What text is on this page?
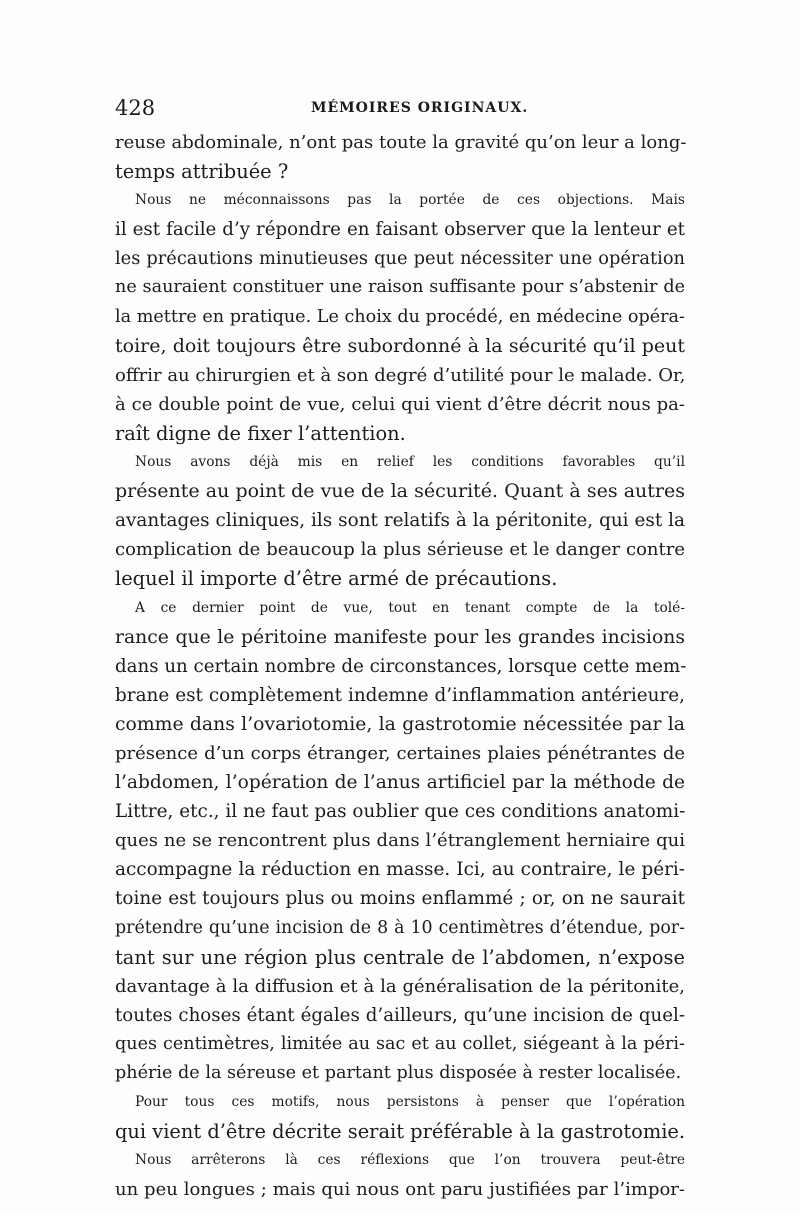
428	MÉMOIRES ORIGINAUX.
reuse abdominale, n’ont pas toute la gravité qu’on leur a long-
temps attribuée ?
Nous ne méconnaissons pas la portée de ces objections. Mais
il est facile d’y répondre en faisant observer que la lenteur et
les précautions minutieuses que peut nécessiter une opération
ne sauraient constituer une raison suffisante pour s’abstenir de
la mettre en pratique. Le choix du procédé, en médecine opéra-
toire, doit toujours être subordonné à la sécurité qu’il peut
offrir au chirurgien et à son degré d’utilité pour le malade. Or,
à ce double point de vue, celui qui vient d’être décrit nous pa-
raît digne de fixer l’attention.
Nous avons déjà mis en relief les conditions favorables qu’il
présente au point de vue de la sécurité. Quant à ses autres
avantages cliniques, ils sont relatifs à la péritonite, qui est la
complication de beaucoup la plus sérieuse et le danger contre
lequel il importe d’être armé de précautions.
A ce dernier point de vue, tout en tenant compte de la tolé-
rance que le péritoine manifeste pour les grandes incisions
dans un certain nombre de circonstances, lorsque cette mem-
brane est complètement indemne d’inflammation antérieure,
comme dans l’ovariotomie, la gastrotomie nécessitée par la
présence d’un corps étranger, certaines plaies pénétrantes de
l’abdomen, l’opération de l’anus artificiel par la méthode de
Littre, etc., il ne faut pas oublier que ces conditions anatomi-
ques ne se rencontrent plus dans l’étranglement herniaire qui
accompagne la réduction en masse. Ici, au contraire, le péri-
toine est toujours plus ou moins enflammé ; or, on ne saurait
prétendre qu’une incision de 8 à 10 centimètres d’étendue, por-
tant sur une région plus centrale de l’abdomen, n’expose
davantage à la diffusion et à la généralisation de la péritonite,
toutes choses étant égales d’ailleurs, qu’une incision de quel-
ques centimètres, limitée au sac et au collet, siégeant à la péri-
phérie de la séreuse et partant plus disposée à rester localisée.
Pour tous ces motifs, nous persistons à penser que l’opération
qui vient d’être décrite serait préférable à la gastrotomie.
Nous arrêterons là ces réflexions que l’on trouvera peut-être
un peu longues ; mais qui nous ont paru justifiées par l’impor-
